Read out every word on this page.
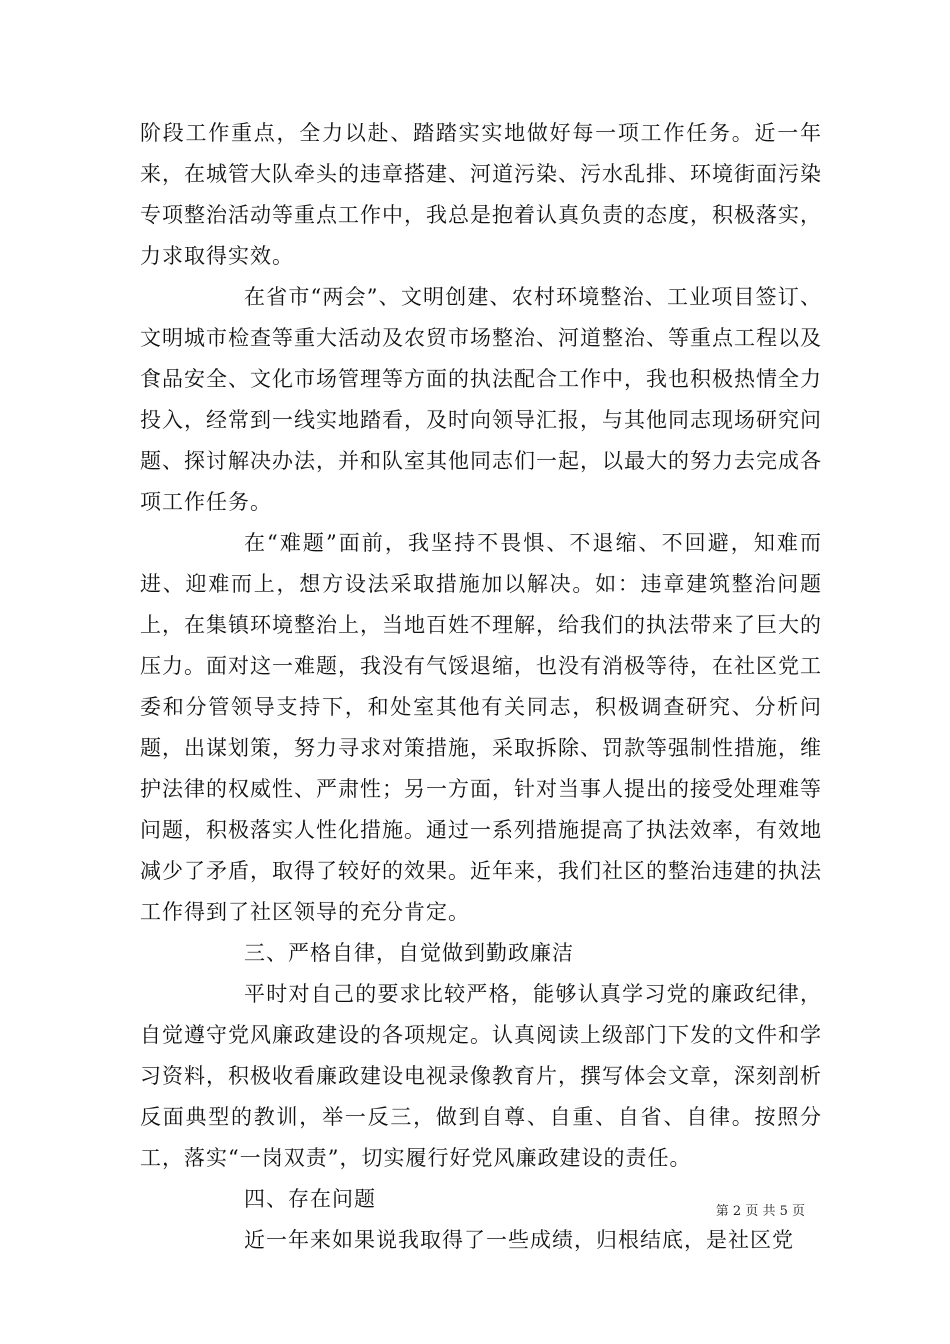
阶段工作重点，全力以赴、踏踏实实地做好每一项工作任务。近一年来，在城管大队牵头的违章搭建、河道污染、污水乱排、环境街面污染专项整治活动等重点工作中，我总是抱着认真负责的态度，积极落实，力求取得实效。

在省市“两会”、文明创建、农村环境整治、工业项目签订、文明城市检查等重大活动及农贸市场整治、河道整治、等重点工程以及食品安全、文化市场管理等方面的执法配合工作中，我也积极热情全力投入，经常到一线实地踏看，及时向领导汇报，与其他同志现场研究问题、探讨解决办法，并和队室其他同志们一起，以最大的努力去完成各项工作任务。

在“难题”面前，我坚持不畏惧、不退缩、不回避，知难而进、迎难而上，想方设法采取措施加以解决。如：违章建筑整治问题上，在集镇环境整治上，当地百姓不理解，给我们的执法带来了巨大的压力。面对这一难题，我没有气馁退缩，也没有消极等待，在社区党工委和分管领导支持下，和处室其他有关同志，积极调查研究、分析问题，出谋划策，努力寻求对策措施，采取拆除、罚款等强制性措施，维护法律的权威性、严肃性；另一方面，针对当事人提出的接受处理难等问题，积极落实人性化措施。通过一系列措施提高了执法效率，有效地减少了矛盾，取得了较好的效果。近年来，我们社区的整治违建的执法工作得到了社区领导的充分肯定。

三、严格自律，自觉做到勤政廉洁

平时对自己的要求比较严格，能够认真学习党的廉政纪律，自觉遵守党风廉政建设的各项规定。认真阅读上级部门下发的文件和学习资料，积极收看廉政建设电视录像教育片，撰写体会文章，深刻剖析反面典型的教训，举一反三，做到自尊、自重、自省、自律。按照分工，落实“一岗双责”，切实履行好党风廉政建设的责任。

四、存在问题

近一年来如果说我取得了一些成绩，归根结底，是社区党

第 2 页 共 5 页
